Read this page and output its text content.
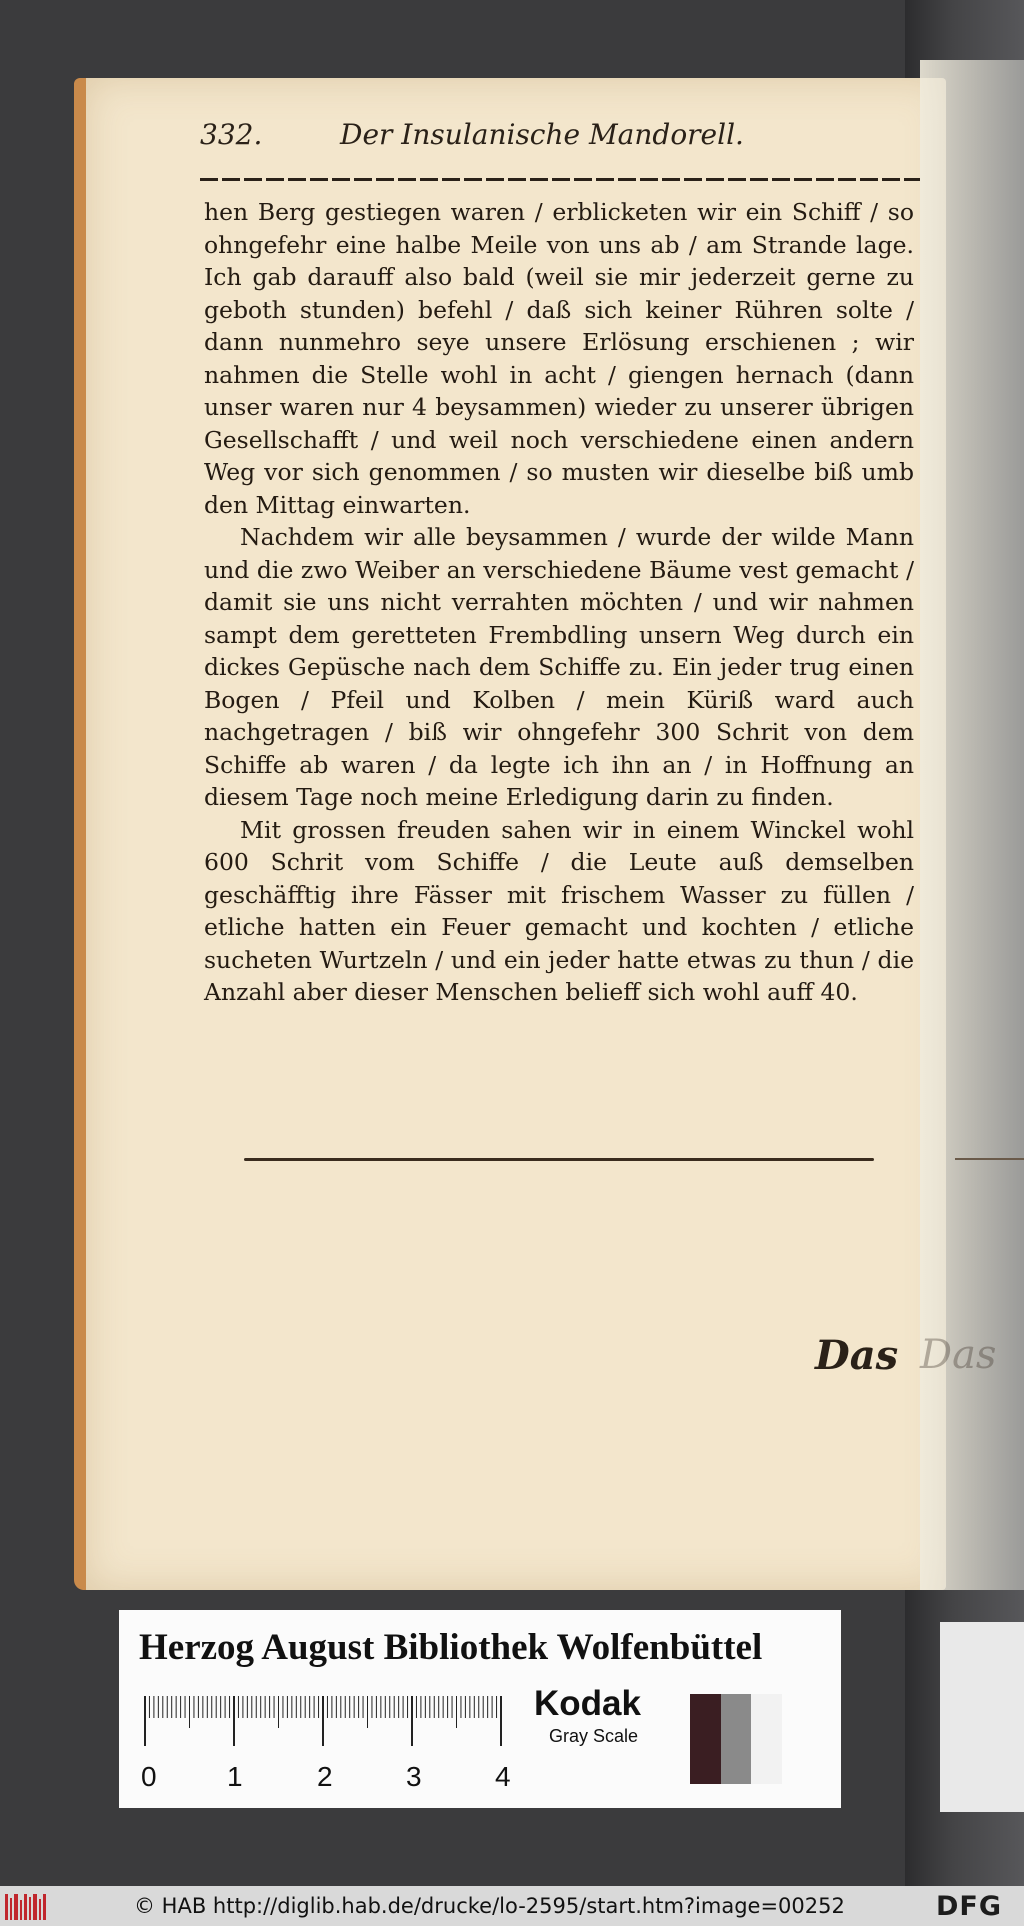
332.	Der Insulanische Mandorell.

hen Berg gestiegen waren / erblicketen wir ein Schiff / so ohngefehr eine halbe Meile von uns ab / am Strande lage. Ich gab darauff also bald (weil sie mir jederzeit gerne zu geboth stunden) befehl / daß sich keiner Rühren solte / dann nunmehro seye unsere Erlösung erschienen ; wir nahmen die Stelle wohl in acht / giengen hernach (dann unser waren nur 4 beysammen) wieder zu unserer übrigen Gesellschafft / und weil noch verschiedene einen andern Weg vor sich genommen / so musten wir dieselbe biß umb den Mittag einwarten.

Nachdem wir alle beysammen / wurde der wilde Mann und die zwo Weiber an verschiedene Bäume vest gemacht / damit sie uns nicht verrahten möchten / und wir nahmen sampt dem geretteten Frembdling unsern Weg durch ein dickes Gepüsche nach dem Schiffe zu. Ein jeder trug einen Bogen / Pfeil und Kolben / mein Küriß ward auch nachgetragen / biß wir ohngefehr 300 Schrit von dem Schiffe ab waren / da legte ich ihn an / in Hoffnung an diesem Tage noch meine Erledigung darin zu finden.

Mit grossen freuden sahen wir in einem Winckel wohl 600 Schrit vom Schiffe / die Leute auß demselben geschäfftig ihre Fässer mit frischem Wasser zu füllen / etliche hatten ein Feuer gemacht und kochten / etliche sucheten Wurtzeln / und ein jeder hatte etwas zu thun / die Anzahl aber dieser Menschen belieff sich wohl auff 40.

Das Das
Herzog August Bibliothek Wolfenbüttel
0	1	2	3	4
Kodak
Gray Scale
© HAB http://diglib.hab.de/drucke/lo-2595/start.htm?image=00252	DFG
